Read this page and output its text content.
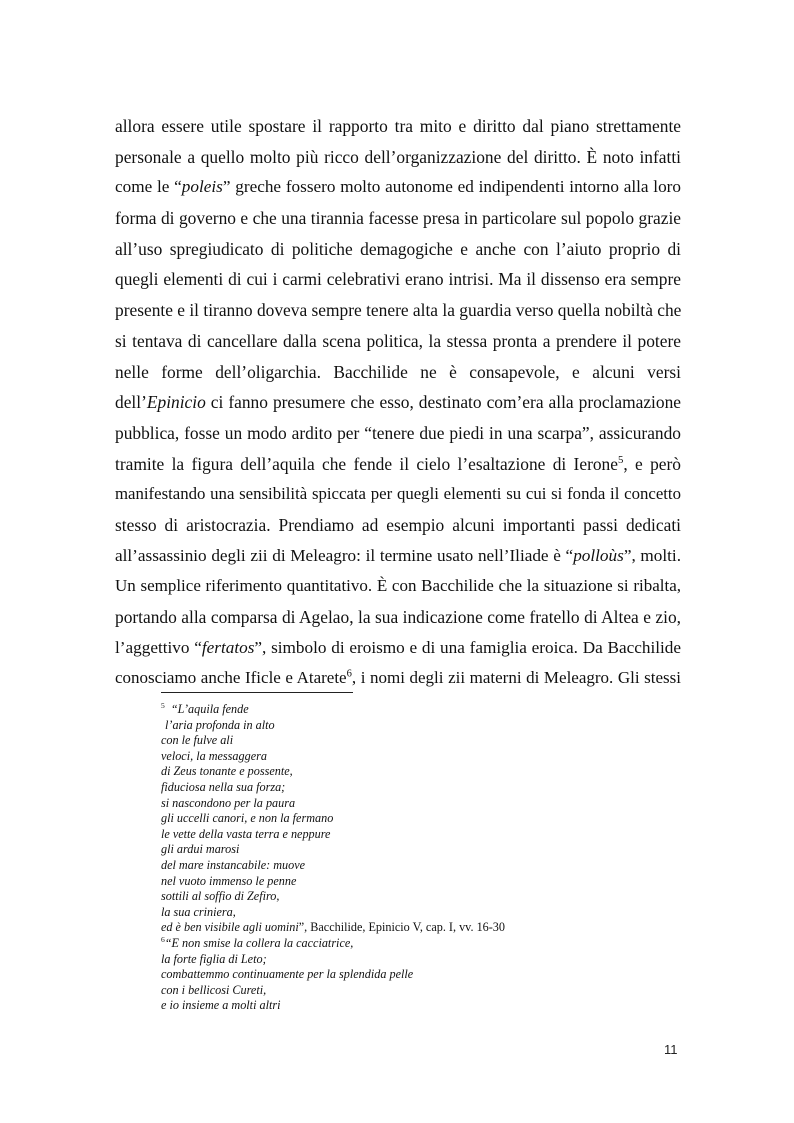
allora essere utile spostare il rapporto tra mito e diritto dal piano strettamente
personale a quello molto più ricco dell’organizzazione del diritto. È noto infatti
come le “poleis” greche fossero molto autonome ed indipendenti intorno alla loro
forma di governo e che una tirannia facesse presa in particolare sul popolo grazie
all’uso spregiudicato di politiche demagogiche e anche con l’aiuto proprio di
quegli elementi di cui i carmi celebrativi erano intrisi. Ma il dissenso era sempre
presente e il tiranno doveva sempre tenere alta la guardia verso quella nobiltà che
si tentava di cancellare dalla scena politica, la stessa pronta a prendere il potere
nelle forme dell’oligarchia. Bacchilide ne è consapevole, e alcuni versi
dell’Epinicio ci fanno presumere che esso, destinato com’era alla proclamazione
pubblica, fosse un modo ardito per “tenere due piedi in una scarpa”, assicurando
tramite la figura dell’aquila che fende il cielo l’esaltazione di Ierone$^5$, e però
manifestando una sensibilità spiccata per quegli elementi su cui si fonda il concetto
stesso di aristocrazia. Prendiamo ad esempio alcuni importanti passi dedicati
all’assassinio degli zii di Meleagro: il termine usato nell’Iliade è “polloùs”, molti.
Un semplice riferimento quantitativo. È con Bacchilide che la situazione si ribalta,
portando alla comparsa di Agelao, la sua indicazione come fratello di Altea e zio,
l’aggettivo “fertatos”, simbolo di eroismo e di una famiglia eroica. Da Bacchilide
conosciamo anche Ificle e Atarete$^6$, i nomi degli zii materni di Meleagro. Gli stessi
$^5$ “L’aquila fende
l’aria profonda in alto
con le fulve ali
veloci, la messaggera
di Zeus tonante e possente,
fiduciosa nella sua forza;
si nascondono per la paura
gli uccelli canori, e non la fermano
le vette della vasta terra e neppure
gli ardui marosi
del mare instancabile: muove
nel vuoto immenso le penne
sottili al soffio di Zefiro,
la sua criniera,
ed è ben visibile agli uomini”, Bacchilide, Epinicio V, cap. I, vv. 16-30
$^6$“E non smise la collera la cacciatrice,
la forte figlia di Leto;
combattemmo continuamente per la splendida pelle
con i bellicosi Cureti,
e io insieme a molti altri
11
